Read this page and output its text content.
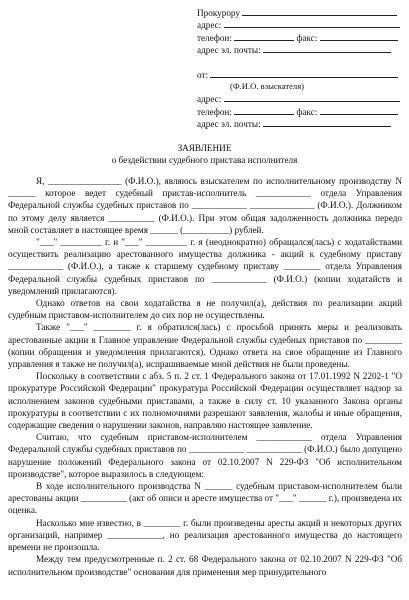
Прокурору
адрес:
телефон:	факс:
адрес эл. почты:
от:
(Ф.И.О. взыскателя)
адрес:
телефон:	факс:
адрес эл. почты:
ЗАЯВЛЕНИЕ
о бездействии судебного пристава исполнителя

Я, ________________ (Ф.И.О.), являюсь взыскателем по исполнительному производству N ______ которое ведет судебный пристав-исполнитель ____________ отдела Управления Федеральной службы судебных приставов по ____________ ______________ (Ф.И.О.). Должником по этому делу является __________ (Ф.И.О.). При этом общая задолженность должника передо мной составляет в настоящее время ______ (__________) рублей.

"___" _________ г. и "___" _________ г. я (неоднократно) обращался(лась) с ходатайствами осуществить реализацию арестованного имущества должника - акций к судебному приставу ____________ (Ф.И.О.), а также к старшему судебному приставу ________ отдела Управления Федеральной службы судебных приставов по ____________ (Ф.И.О.) (копии ходатайств и уведомлений прилагаются).

Однако ответов на свои ходатайства я не получил(а), действия по реализации акций судебным приставом-исполнителем до сих пор не осуществлены.

Также "___" ________ г. я обратился(лась) с просьбой принять меры и реализовать арестованные акции в Главное управление Федеральной службы судебных приставов по ________ (копии обращения и уведомления прилагаются). Однако ответа на свое обращение из Главного управления я также не получил(а), испрашиваемые мной действия не были проведены.

Поскольку в соответствии с абз. 5 п. 2 ст. 1 Федерального закона от 17.01.1992 N 2202-1 "О прокуратуре Российской Федерации" прокуратура Российской Федерации осуществляет надзор за исполнением законов судебными приставами, а также в силу ст. 10 указанного Закона органы прокуратуры в соответствии с их полномочиями разрешают заявления, жалобы и иные обращения, содержащие сведения о нарушении законов, направляю настоящее заявление.

Считаю, что судебным приставом-исполнителем ____________ отдела Управления Федеральной службы судебных приставов по ____________ ____________ (Ф.И.О.) было допущено нарушение положений Федерального закона от 02.10.2007 N 229-ФЗ "Об исполнительном производстве", которое выразилось в следующем:

В ходе исполнительного производства N ______ судебным приставом-исполнителем были арестованы акции __________ (акт об описи и аресте имущества от "___" ______ г.), произведена их оценка.

Насколько мне известно, в ________ г. были произведены аресты акций и некоторых других организаций, например ____________, но реализация арестованного имущества до настоящего времени не произошла.

Между тем предусмотренные п. 2 ст. 68 Федерального закона от 02.10.2007 N 229-ФЗ "Об исполнительном производстве" основания для применения мер принудительного
